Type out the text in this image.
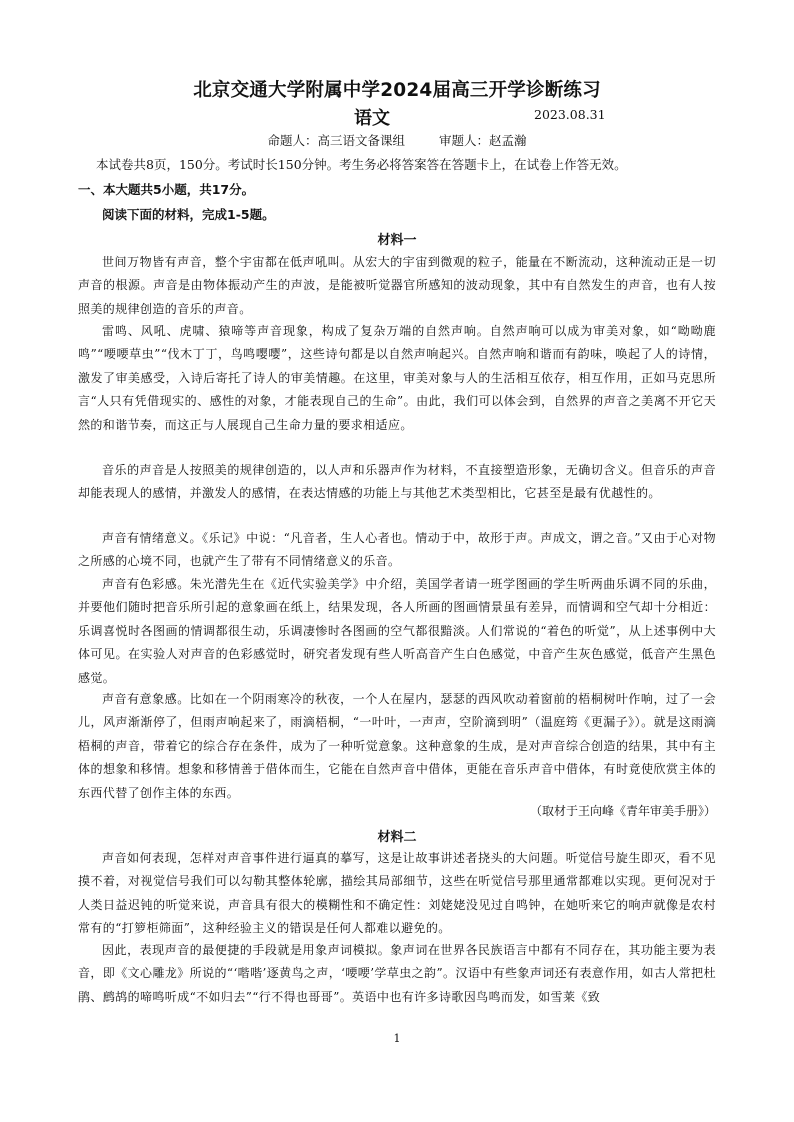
北京交通大学附属中学2024届高三开学诊断练习
语文	2023.08.31
命题人：高三语文备课组	审题人：赵孟瀚
本试卷共8页，150分。考试时长150分钟。考生务必将答案答在答题卡上，在试卷上作答无效。
一、本大题共5小题，共17分。
阅读下面的材料，完成1-5题。
材料一

世间万物皆有声音，整个宇宙都在低声吼叫。从宏大的宇宙到微观的粒子，能量在不断流动，这种流动正是一切声音的根源。声音是由物体振动产生的声波，是能被听觉器官所感知的波动现象，其中有自然发生的声音，也有人按照美的规律创造的音乐的声音。

雷鸣、风吼、虎啸、猿啼等声音现象，构成了复杂万端的自然声响。自然声响可以成为审美对象，如“呦呦鹿鸣”“喓喓草虫”“伐木丁丁，鸟鸣嘤嘤”，这些诗句都是以自然声响起兴。自然声响和谐而有韵味，唤起了人的诗情，激发了审美感受，入诗后寄托了诗人的审美情趣。在这里，审美对象与人的生活相互依存，相互作用，正如马克思所言“人只有凭借现实的、感性的对象，才能表现自己的生命”。由此，我们可以体会到，自然界的声音之美离不开它天然的和谐节奏，而这正与人展现自己生命力量的要求相适应。

音乐的声音是人按照美的规律创造的，以人声和乐器声作为材料，不直接塑造形象，无确切含义。但音乐的声音却能表现人的感情，并激发人的感情，在表达情感的功能上与其他艺术类型相比，它甚至是最有优越性的。

声音有情绪意义。《乐记》中说：“凡音者，生人心者也。情动于中，故形于声。声成文，谓之音。”又由于心对物之所感的心境不同，也就产生了带有不同情绪意义的乐音。

声音有色彩感。朱光潜先生在《近代实验美学》中介绍，美国学者请一班学图画的学生听两曲乐调不同的乐曲，并要他们随时把音乐所引起的意象画在纸上，结果发现，各人所画的图画情景虽有差异，而情调和空气却十分相近：乐调喜悦时各图画的情调都很生动，乐调凄惨时各图画的空气都很黯淡。人们常说的“着色的听觉”，从上述事例中大体可见。在实验人对声音的色彩感觉时，研究者发现有些人听高音产生白色感觉，中音产生灰色感觉，低音产生黑色感觉。

声音有意象感。比如在一个阴雨寒冷的秋夜，一个人在屋内，瑟瑟的西风吹动着窗前的梧桐树叶作响，过了一会儿，风声渐渐停了，但雨声响起来了，雨滴梧桐，“一叶叶，一声声，空阶滴到明”（温庭筠《更漏子》）。就是这雨滴梧桐的声音，带着它的综合存在条件，成为了一种听觉意象。这种意象的生成，是对声音综合创造的结果，其中有主体的想象和移情。想象和移情善于借体而生，它能在自然声音中借体，更能在音乐声音中借体，有时竟使欣赏主体的东西代替了创作主体的东西。

（取材于王向峰《青年审美手册》）
材料二

声音如何表现，怎样对声音事件进行逼真的摹写，这是让故事讲述者挠头的大问题。听觉信号旋生即灭，看不见摸不着，对视觉信号我们可以勾勒其整体轮廓，描绘其局部细节，这些在听觉信号那里通常都难以实现。更何况对于人类日益迟钝的听觉来说，声音具有很大的模糊性和不确定性：刘姥姥没见过自鸣钟，在她听来它的响声就像是农村常有的“打箩柜筛面”，这种经验主义的错误是任何人都难以避免的。

因此，表现声音的最便捷的手段就是用象声词模拟。象声词在世界各民族语言中都有不同存在，其功能主要为表音，即《文心雕龙》所说的“‘喈喈’逐黄鸟之声，‘喓喓’学草虫之韵”。汉语中有些象声词还有表意作用，如古人常把杜鹃、鹧鸪的啼鸣听成“不如归去”“行不得也哥哥”。英语中也有许多诗歌因鸟鸣而发，如雪莱《致

1
